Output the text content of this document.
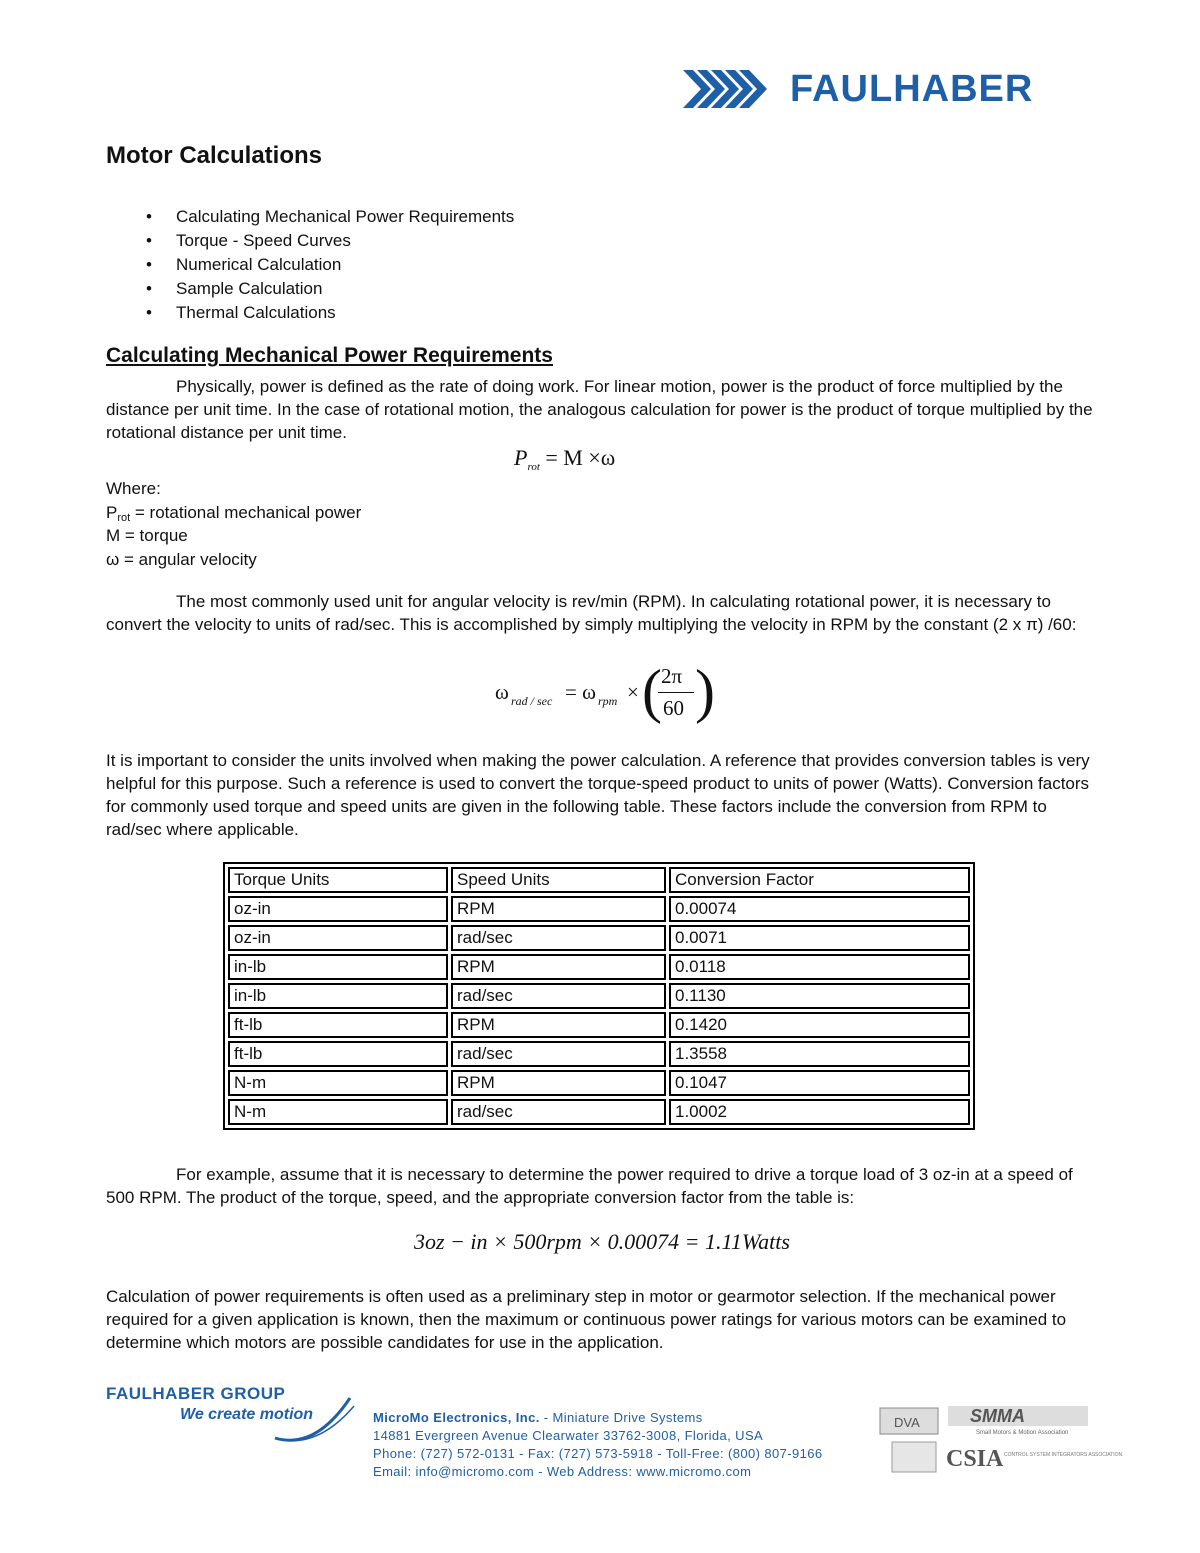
FAULHABER
Motor Calculations
• Calculating Mechanical Power Requirements
• Torque - Speed Curves
• Numerical Calculation
• Sample Calculation
• Thermal Calculations
Calculating Mechanical Power Requirements

Physically, power is defined as the rate of doing work. For linear motion, power is the product of force multiplied by the distance per unit time. In the case of rotational motion, the analogous calculation for power is the product of torque multiplied by the rotational distance per unit time.

$P_{rot} = M \times\omega$
Where:
$P_{rot}$ = rotational mechanical power
M = torque
ω = angular velocity

The most commonly used unit for angular velocity is rev/min (RPM). In calculating rotational power, it is necessary to convert the velocity to units of rad/sec. This is accomplished by simply multiplying the velocity in RPM by the constant (2 x π) /60:

ω rad / sec = ω rpm × ( 2π
60 )

It is important to consider the units involved when making the power calculation. A reference that provides conversion tables is very helpful for this purpose. Such a reference is used to convert the torque-speed product to units of power (Watts). Conversion factors for commonly used torque and speed units are given in the following table. These factors include the conversion from RPM to rad/sec where applicable.

Torque Units	Speed Units	Conversion Factor
oz-in	RPM	0.00074
oz-in	rad/sec	0.0071
in-lb	RPM	0.0118
in-lb	rad/sec	0.1130
ft-lb	RPM	0.1420
ft-lb	rad/sec	1.3558
N-m	RPM	0.1047
N-m	rad/sec	1.0002

For example, assume that it is necessary to determine the power required to drive a torque load of 3 oz-in at a speed of 500 RPM. The product of the torque, speed, and the appropriate conversion factor from the table is:

3oz − in × 500rpm × 0.00074 = 1.11Watts

Calculation of power requirements is often used as a preliminary step in motor or gearmotor selection. If the mechanical power required for a given application is known, then the maximum or continuous power ratings for various motors can be examined to determine which motors are possible candidates for use in the application.

FAULHABER GROUP
We create motion	MicroMo Electronics, Inc. - Miniature Drive Systems
14881 Evergreen Avenue Clearwater 33762-3008, Florida, USA
Phone: (727) 572-0131 - Fax: (727) 573-5918 - Toll-Free: (800) 807-9166
Email: info@micromo.com - Web Address: www.micromo.com
DVA	SMMA
Small Motors & Motion Association
CSIA CONTROL SYSTEM INTEGRATORS ASSOCIATION
